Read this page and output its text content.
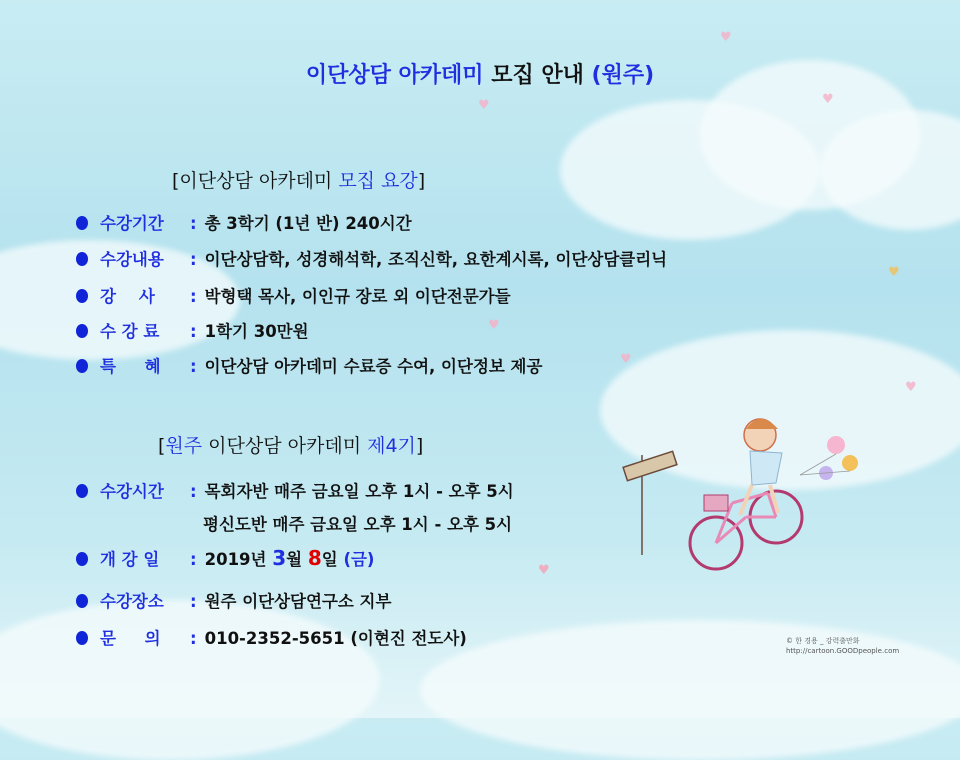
♥
♥
♥
♥
♥
♥
♥
♥
이단상담 아카데미 모집 안내 (원주)
[이단상담 아카데미 모집 요강]
수강기간 : 총 3학기 (1년 반) 240시간
수강내용 : 이단상담학, 성경해석학, 조직신학, 요한계시록, 이단상담클리닉
강    사 : 박형택 목사, 이인규 장로 외 이단전문가들
수 강 료 : 1학기 30만원
특     혜 : 이단상담 아카데미 수료증 수여, 이단정보 제공
[원주 이단상담 아카데미 제4기]
수강시간 : 목회자반 매주 금요일 오후 1시 - 오후 5시
평신도반 매주 금요일 오후 1시 - 오후 5시
개 강 일 : 2019년 3월 8일 (금)
수강장소 : 원주 이단상담연구소 지부
문     의 : 010-2352-5651 (이현진 전도사)	© 한 경용 _ 강력출만화
http://cartoon.GOODpeople.com
